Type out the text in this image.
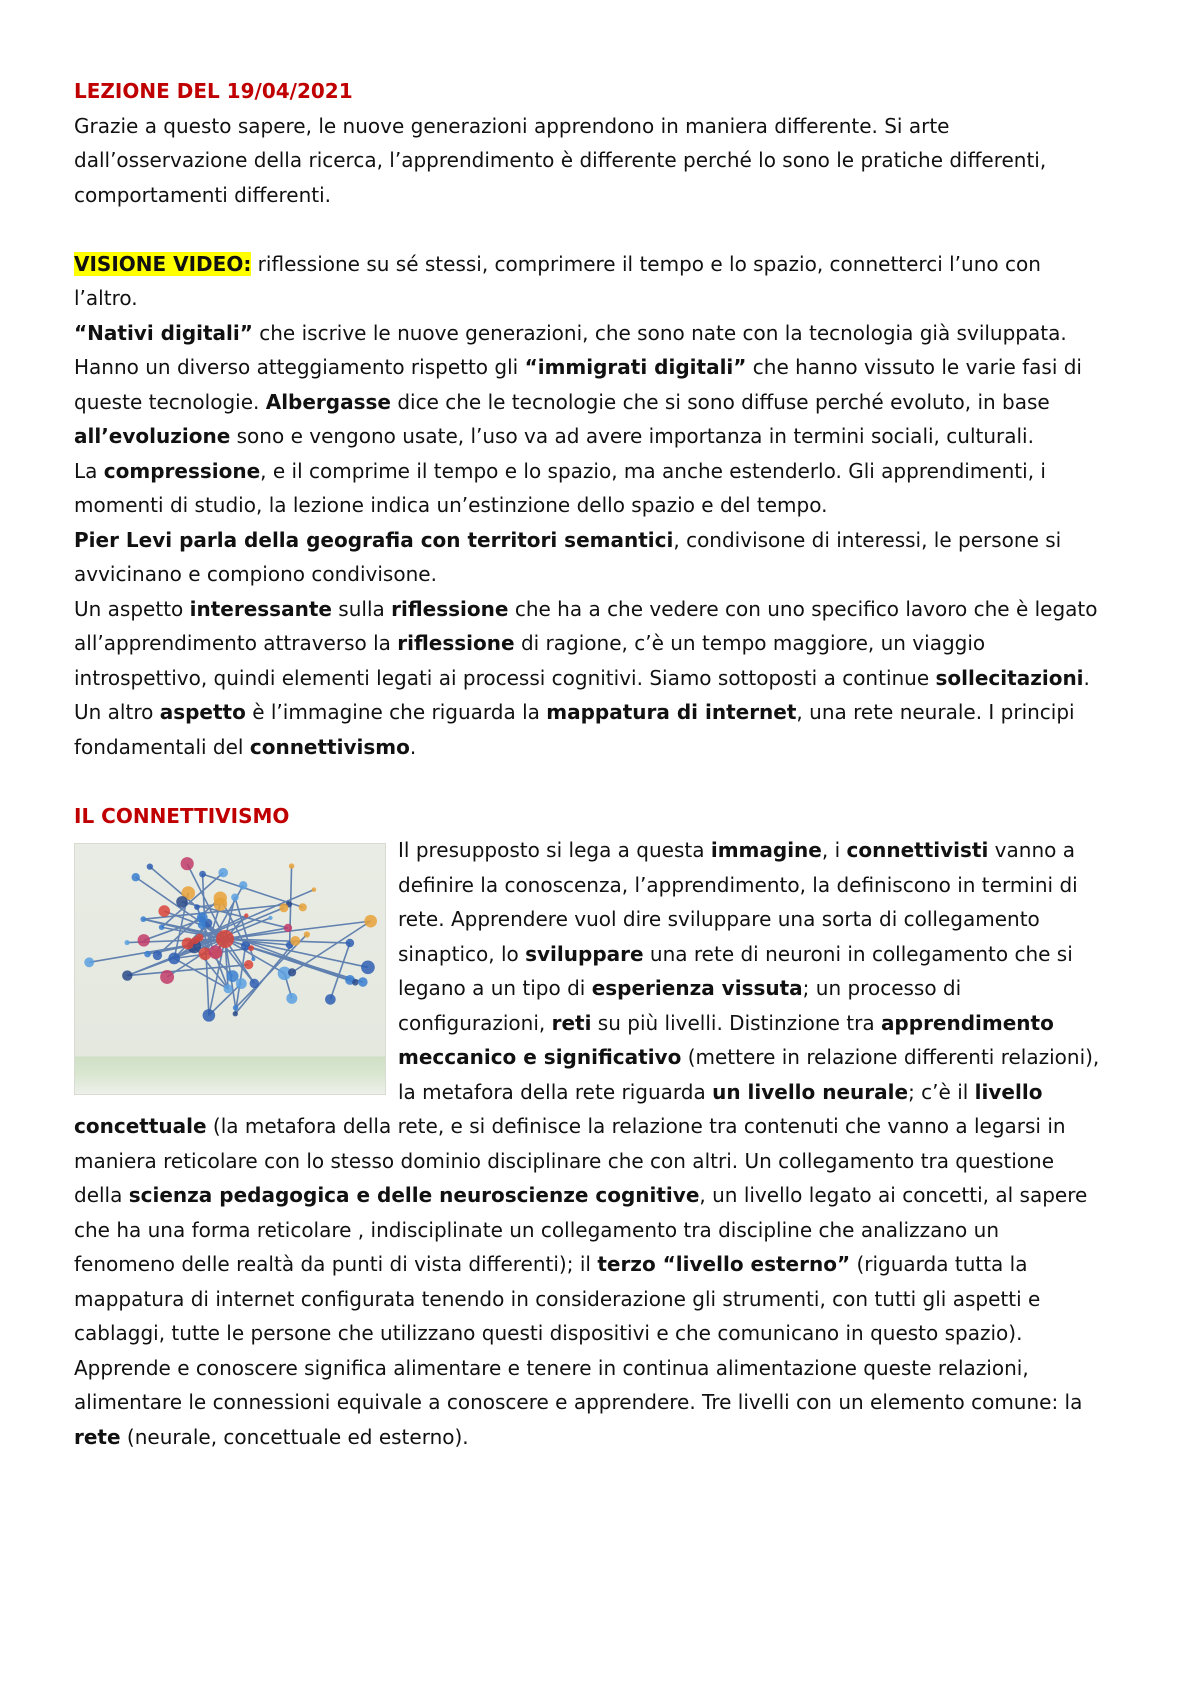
LEZIONE DEL 19/04/2021

Grazie a questo sapere, le nuove generazioni apprendono in maniera differente. Si arte dall’osservazione della ricerca, l’apprendimento è differente perché lo sono le pratiche differenti, comportamenti differenti.

VISIONE VIDEO: riflessione su sé stessi, comprimere il tempo e lo spazio, connetterci l’uno con l’altro.

“Nativi digitali” che iscrive le nuove generazioni, che sono nate con la tecnologia già sviluppata. Hanno un diverso atteggiamento rispetto gli “immigrati digitali” che hanno vissuto le varie fasi di queste tecnologie. Albergasse dice che le tecnologie che si sono diffuse perché evoluto, in base all’evoluzione sono e vengono usate, l’uso va ad avere importanza in termini sociali, culturali.

La compressione, e il comprime il tempo e lo spazio, ma anche estenderlo. Gli apprendimenti, i momenti di studio, la lezione indica un’estinzione dello spazio e del tempo.

Pier Levi parla della geografia con territori semantici, condivisone di interessi, le persone si avvicinano e compiono condivisone.

Un aspetto interessante sulla riflessione che ha a che vedere con uno specifico lavoro che è legato all’apprendimento attraverso la riflessione di ragione, c’è un tempo maggiore, un viaggio introspettivo, quindi elementi legati ai processi cognitivi. Siamo sottoposti a continue sollecitazioni.

Un altro aspetto è l’immagine che riguarda la mappatura di internet, una rete neurale. I principi fondamentali del connettivismo.

IL CONNETTIVISMO

Il presupposto si lega a questa immagine, i connettivisti vanno a definire la conoscenza, l’apprendimento, la definiscono in termini di rete. Apprendere vuol dire sviluppare una sorta di collegamento sinaptico, lo sviluppare una rete di neuroni in collegamento che si legano a un tipo di esperienza vissuta; un processo di configurazioni, reti su più livelli. Distinzione tra apprendimento meccanico e significativo (mettere in relazione differenti relazioni), la metafora della rete riguarda un livello neurale; c’è il livello concettuale (la metafora della rete, e si definisce la relazione tra contenuti che vanno a legarsi in maniera reticolare con lo stesso dominio disciplinare che con altri. Un collegamento tra questione della scienza pedagogica e delle neuroscienze cognitive, un livello legato ai concetti, al sapere che ha una forma reticolare , indisciplinate un collegamento tra discipline che analizzano un fenomeno delle realtà da punti di vista differenti); il terzo “livello esterno” (riguarda tutta la mappatura di internet configurata tenendo in considerazione gli strumenti, con tutti gli aspetti e cablaggi, tutte le persone che utilizzano questi dispositivi e che comunicano in questo spazio). Apprende e conoscere significa alimentare e tenere in continua alimentazione queste relazioni, alimentare le connessioni equivale a conoscere e apprendere. Tre livelli con un elemento comune: la rete (neurale, concettuale ed esterno).
